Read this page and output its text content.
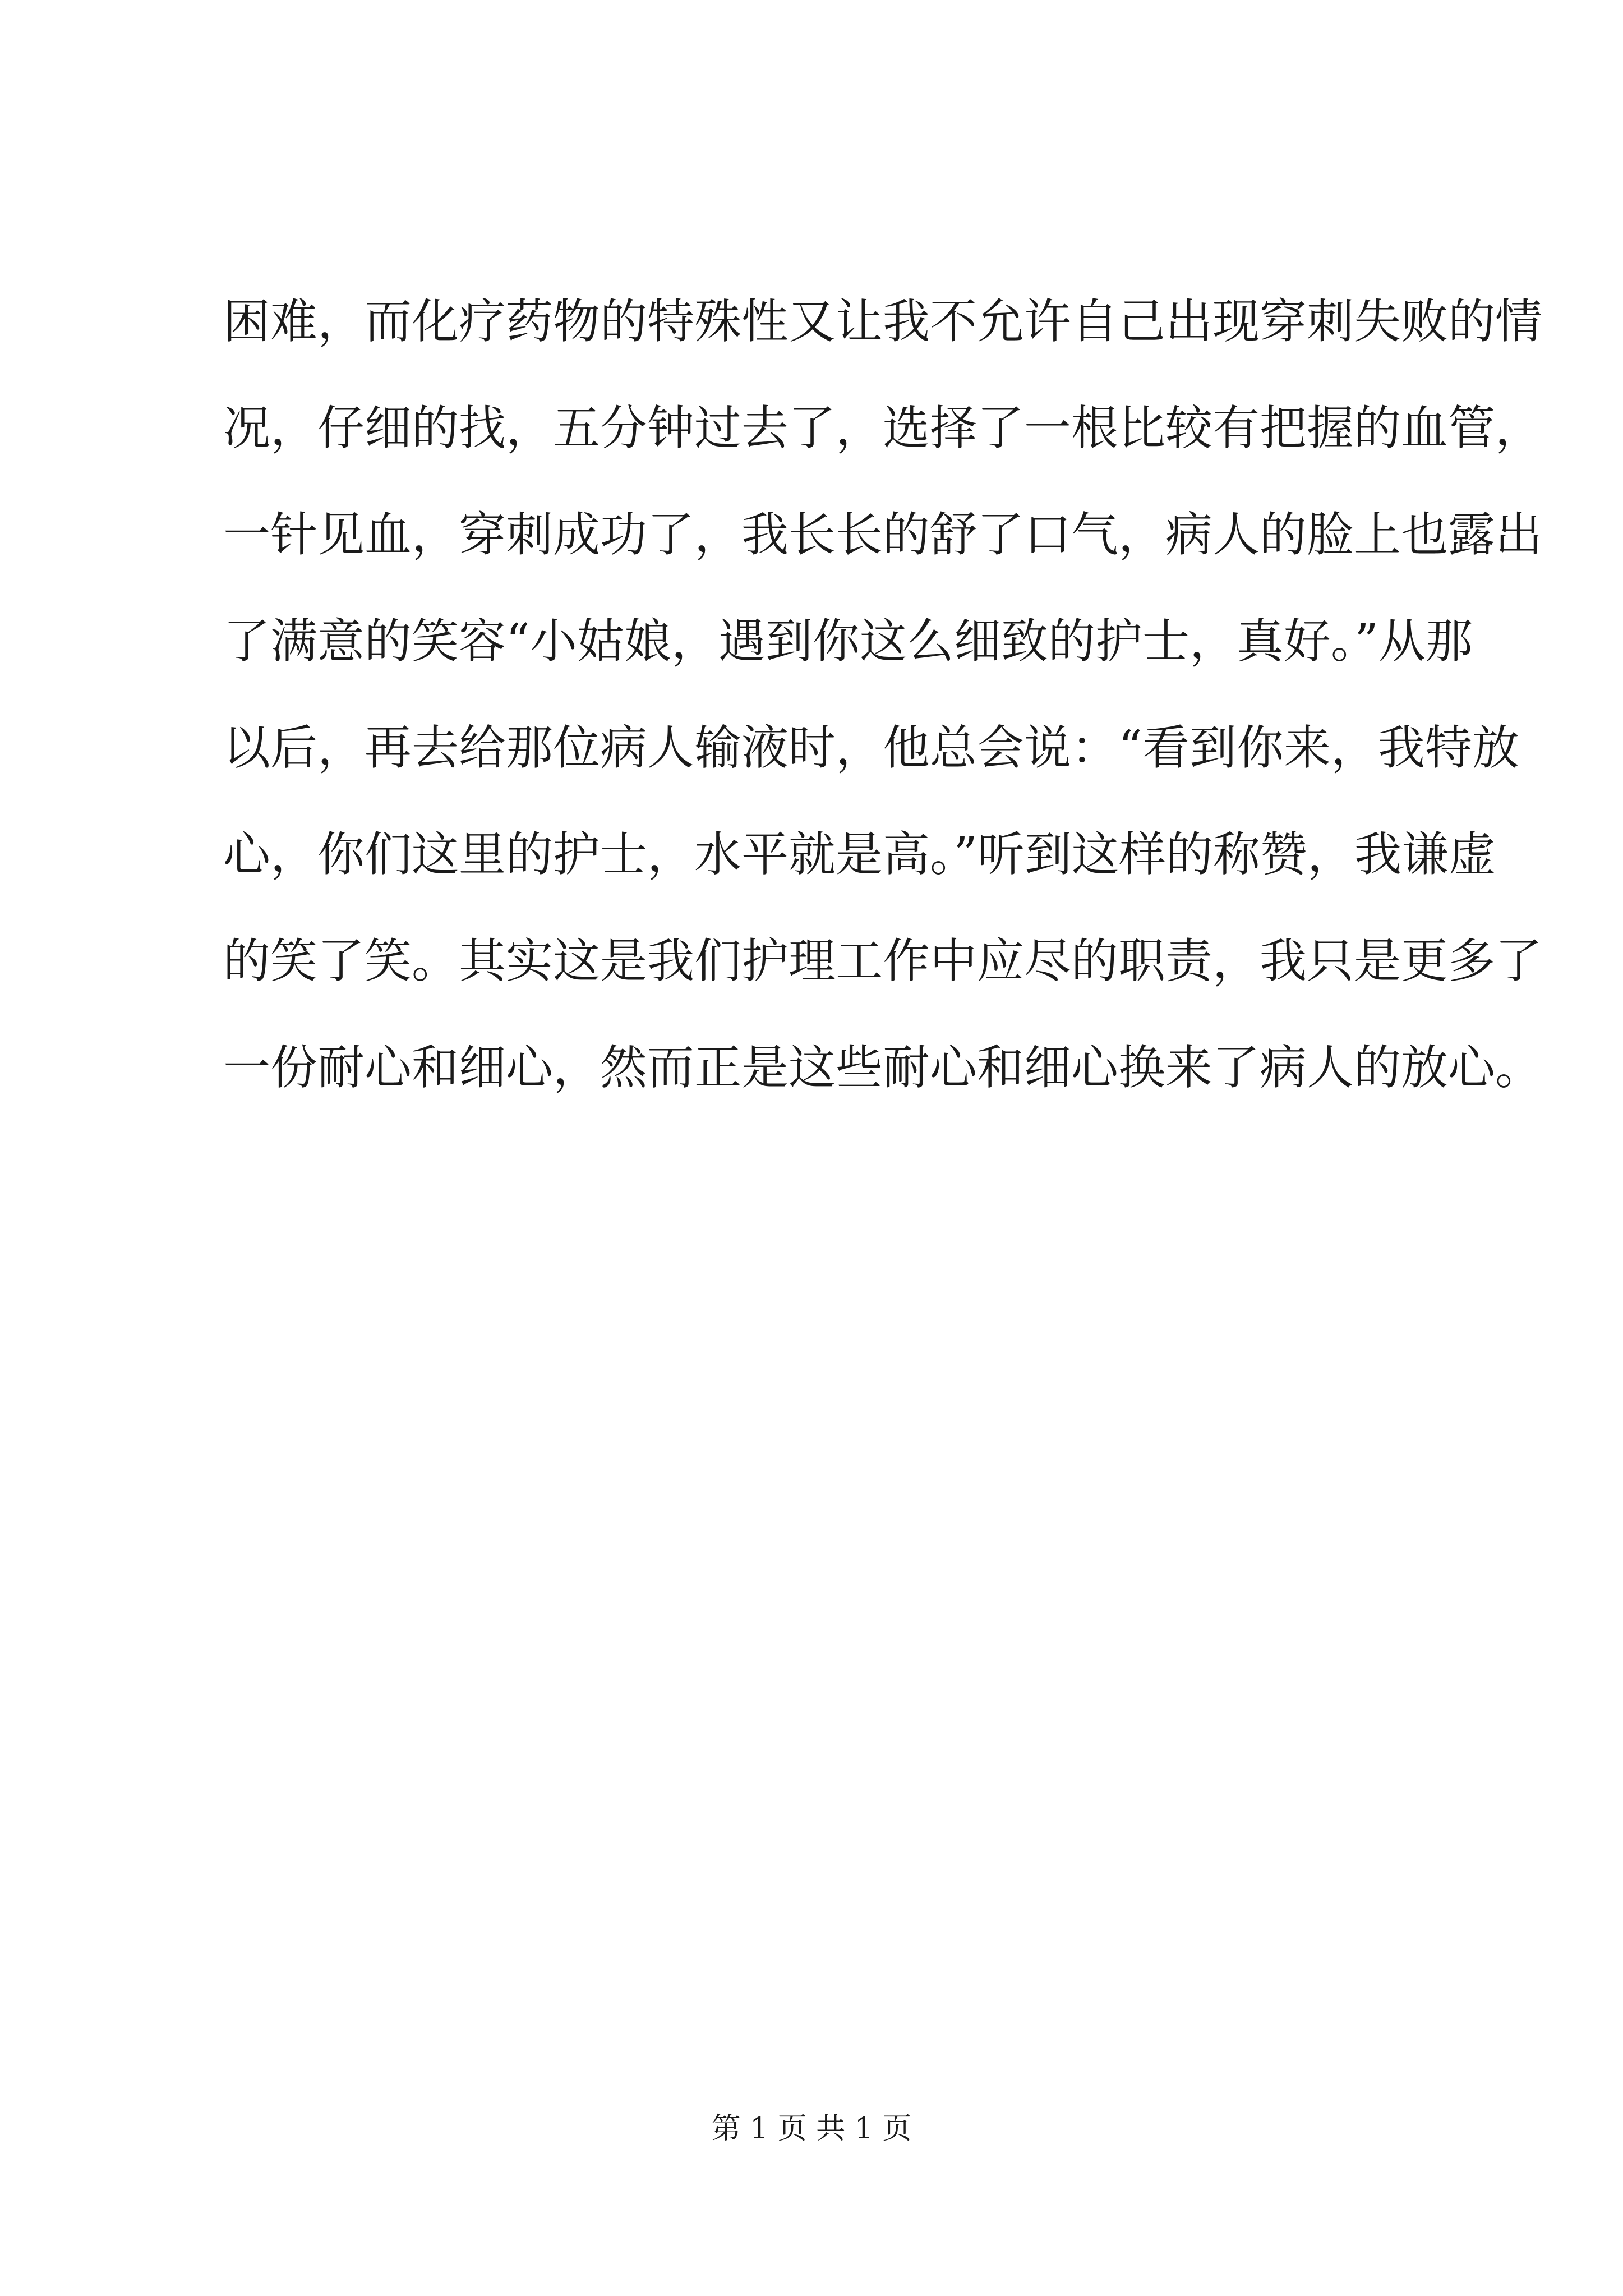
困难，而化疗药物的特殊性又让我不允许自己出现穿刺失败的情
况，仔细的找，五分钟过去了，选择了一根比较有把握的血管，
一针见血，穿刺成功了，我长长的舒了口气，病人的脸上也露出
了满意的笑容“小姑娘，遇到你这么细致的护士，真好。”从那
以后，再去给那位病人输液时，他总会说：“看到你来，我特放
心，你们这里的护士，水平就是高。”听到这样的称赞，我谦虚
的笑了笑。其实这是我们护理工作中应尽的职责，我只是更多了
一份耐心和细心，然而正是这些耐心和细心换来了病人的放心。
第 1 页 共 1 页
